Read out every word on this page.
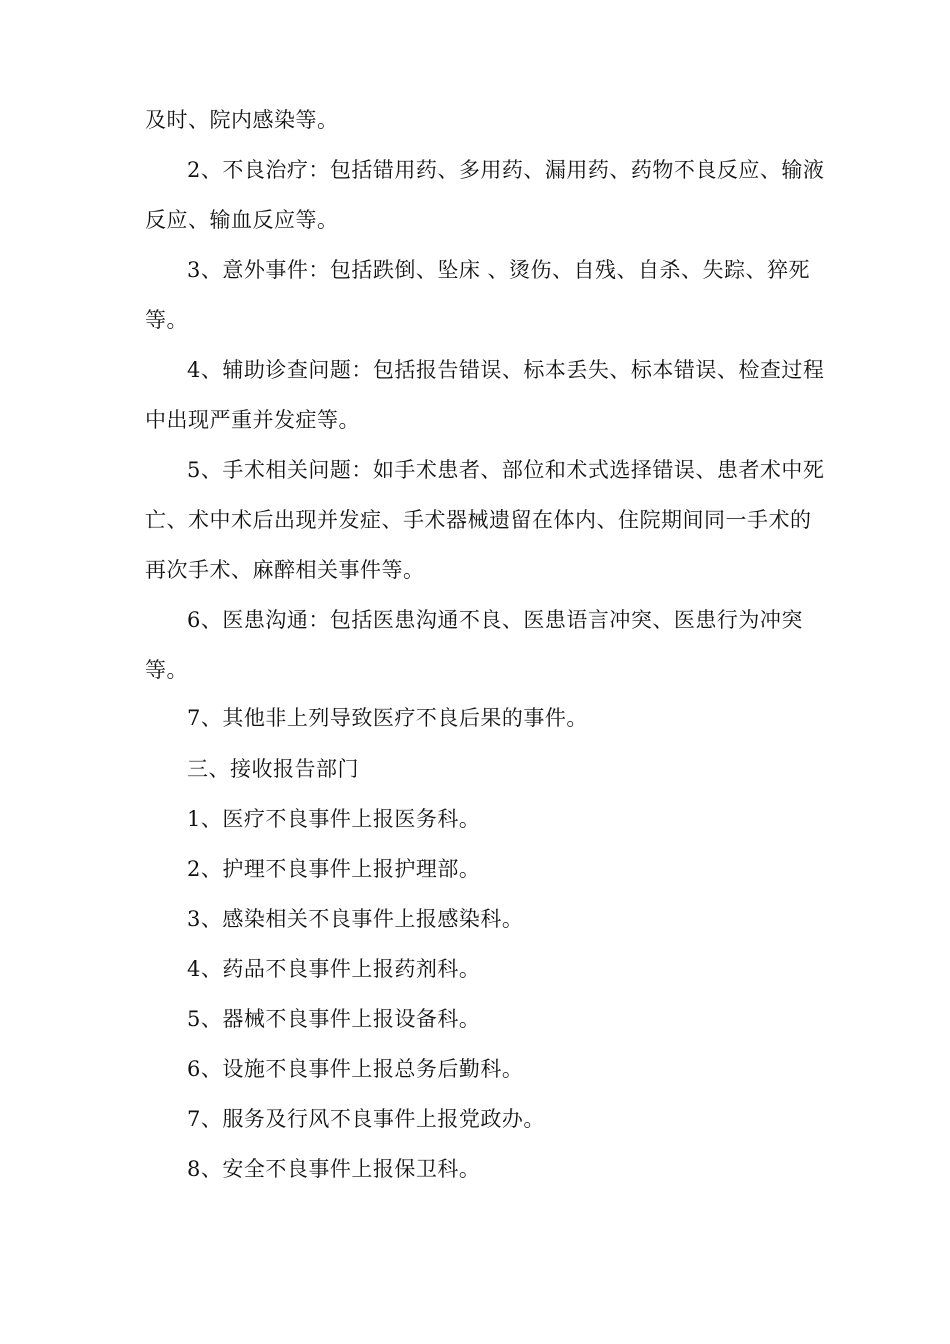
及时、院内感染等。

2、不良治疗：包括错用药、多用药、漏用药、药物不良反应、输液反应、输血反应等。

3、意外事件：包括跌倒、坠床 、烫伤、自残、自杀、失踪、猝死等。

4、辅助诊查问题：包括报告错误、标本丢失、标本错误、检查过程中出现严重并发症等。

5、手术相关问题：如手术患者、部位和术式选择错误、患者术中死亡、术中术后出现并发症、手术器械遗留在体内、住院期间同一手术的再次手术、麻醉相关事件等。

6、医患沟通：包括医患沟通不良、医患语言冲突、医患行为冲突等。

7、其他非上列导致医疗不良后果的事件。

三、接收报告部门

1、医疗不良事件上报医务科。

2、护理不良事件上报护理部。

3、感染相关不良事件上报感染科。

4、药品不良事件上报药剂科。

5、器械不良事件上报设备科。

6、设施不良事件上报总务后勤科。

7、服务及行风不良事件上报党政办。

8、安全不良事件上报保卫科。
